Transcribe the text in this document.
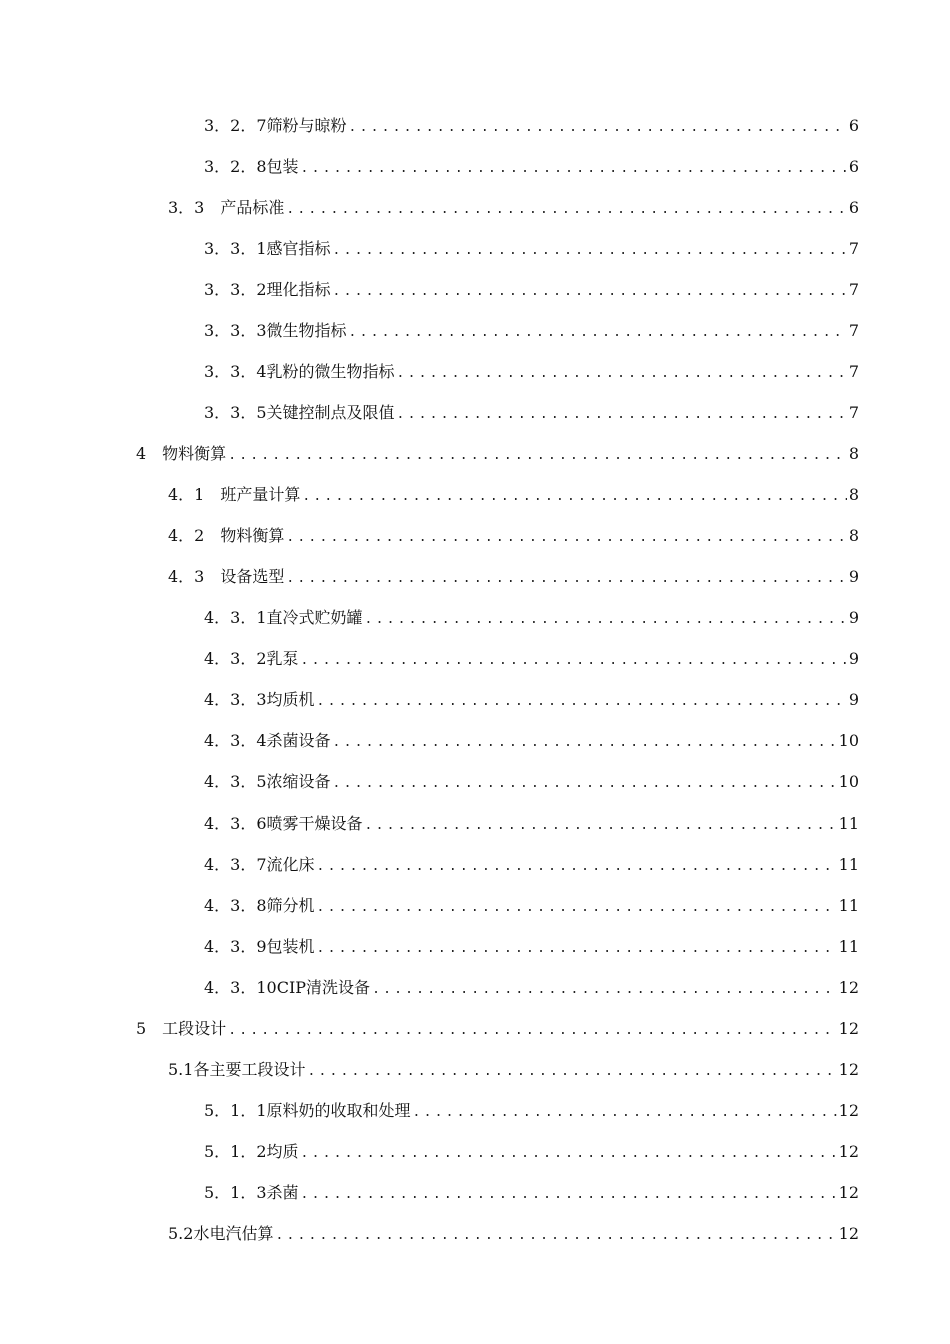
3．2．7筛粉与晾粉 .....	6
3．2．8包装 .....	6
3．3　产品标准 .....	6
3．3．1感官指标 .....	7
3．3．2理化指标 .....	7
3．3．3微生物指标 .....	7
3．3．4乳粉的微生物指标 .....	7
3．3．5关键控制点及限值 .....	7
4　物料衡算 .....	8
4．1　班产量计算 .....	8
4．2　物料衡算 .....	8
4．3　设备选型 .....	9
4．3．1直冷式贮奶罐 .....	9
4．3．2乳泵 .....	9
4．3．3均质机 .....	9
4．3．4杀菌设备 .....	10
4．3．5浓缩设备 .....	10
4．3．6喷雾干燥设备 .....	11
4．3．7流化床 .....	11
4．3．8筛分机 .....	11
4．3．9包装机 .....	11
4．3．10CIP清洗设备 .....	12
5　工段设计 .....	12
5.1各主要工段设计 .....	12
5．1．1原料奶的收取和处理 .....	12
5．1．2均质 .....	12
5．1．3杀菌 .....	12
5.2水电汽估算 .....	12
